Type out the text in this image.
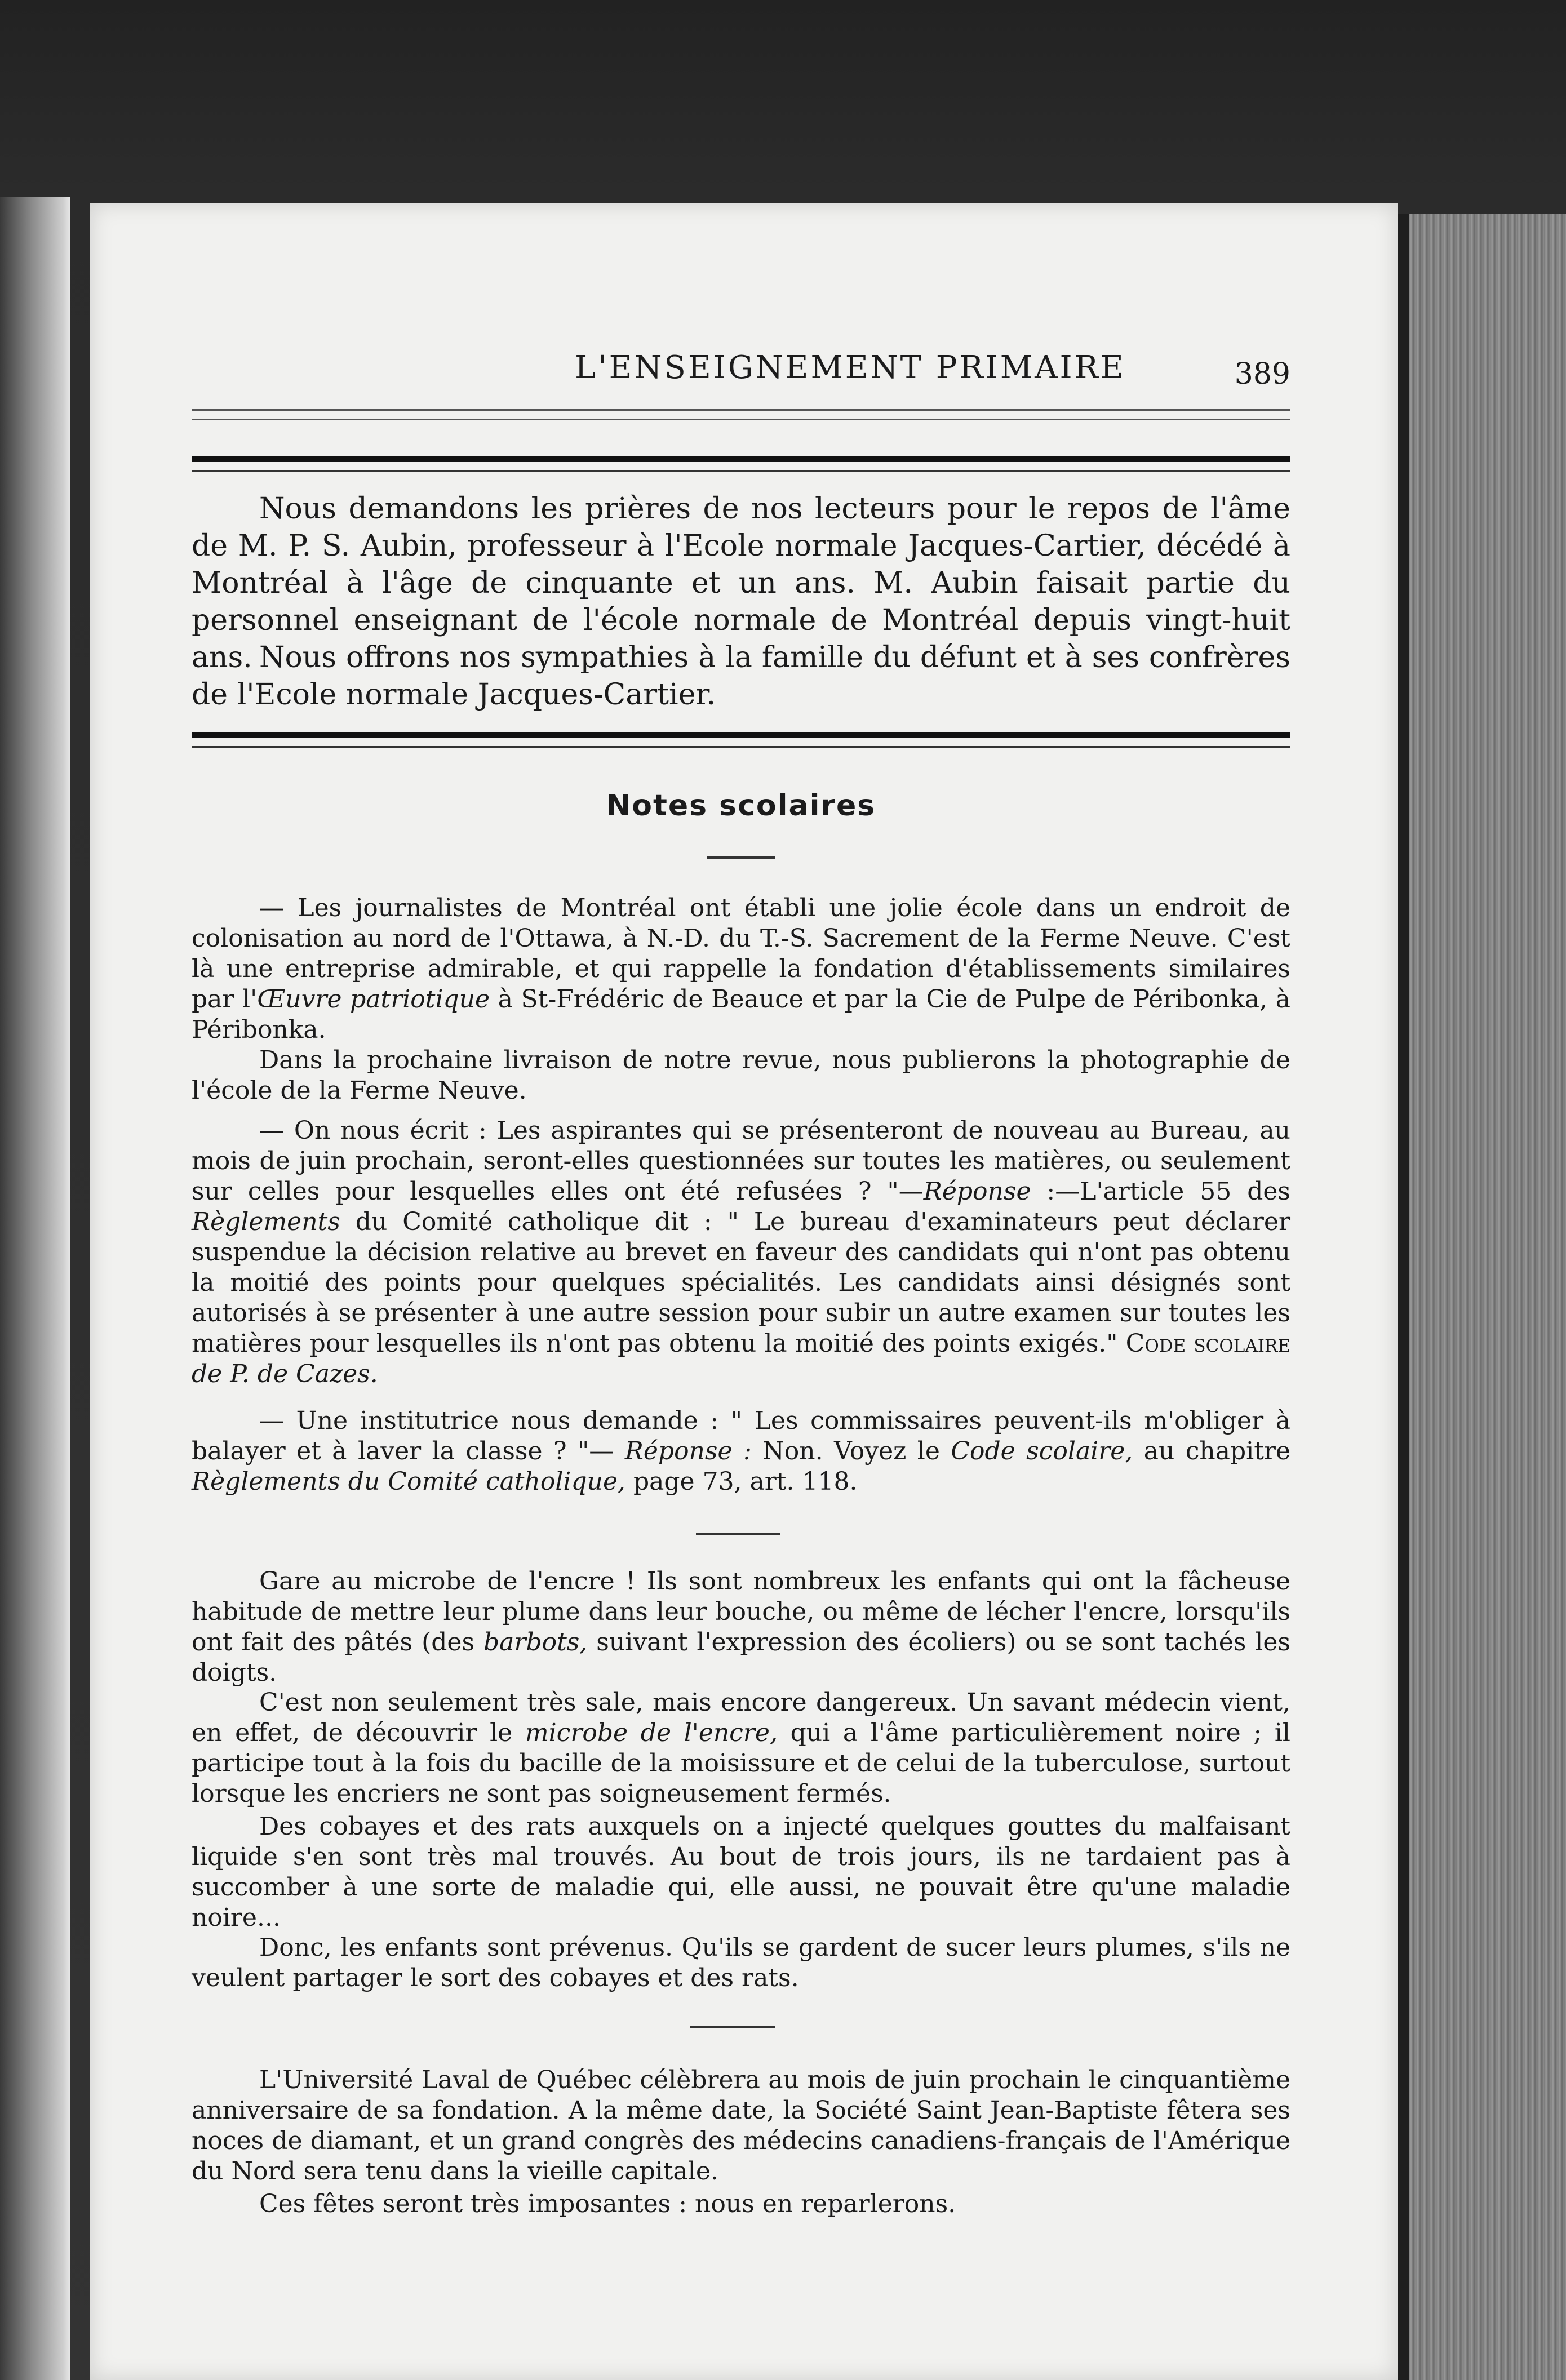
L'ENSEIGNEMENT PRIMAIRE	389

Nous demandons les prières de nos lecteurs pour le repos de l'âme de M. P. S. Aubin, professeur à l'Ecole normale Jacques-Cartier, décédé à Montréal à l'âge de cinquante et un ans. M. Aubin faisait partie du personnel enseignant de l'école normale de Montréal depuis vingt-huit ans. Nous offrons nos sympathies à la famille du défunt et à ses confrères de l'Ecole normale Jacques-Cartier.

Notes scolaires

— Les journalistes de Montréal ont établi une jolie école dans un endroit de colonisation au nord de l'Ottawa, à N.-D. du T.-S. Sacrement de la Ferme Neuve. C'est là une entreprise admirable, et qui rappelle la fondation d'établissements similaires par l'Œuvre patriotique à St-Frédéric de Beauce et par la Cie de Pulpe de Péribonka, à Péribonka.

Dans la prochaine livraison de notre revue, nous publierons la photographie de l'école de la Ferme Neuve.

— On nous écrit : Les aspirantes qui se présenteront de nouveau au Bureau, au mois de juin prochain, seront-elles questionnées sur toutes les matières, ou seulement sur celles pour lesquelles elles ont été refusées ? "—Réponse :—L'article 55 des Règlements du Comité catholique dit : " Le bureau d'examinateurs peut déclarer suspendue la décision relative au brevet en faveur des candidats qui n'ont pas obtenu la moitié des points pour quelques spécialités. Les candidats ainsi désignés sont autorisés à se présenter à une autre session pour subir un autre examen sur toutes les matières pour lesquelles ils n'ont pas obtenu la moitié des points exigés." Code scolaire de P. de Cazes.

— Une institutrice nous demande : " Les commissaires peuvent-ils m'obliger à balayer et à laver la classe ? "— Réponse : Non. Voyez le Code scolaire, au chapitre Règlements du Comité catholique, page 73, art. 118.

Gare au microbe de l'encre ! Ils sont nombreux les enfants qui ont la fâcheuse habitude de mettre leur plume dans leur bouche, ou même de lécher l'encre, lorsqu'ils ont fait des pâtés (des barbots, suivant l'expression des écoliers) ou se sont tachés les doigts.

C'est non seulement très sale, mais encore dangereux. Un savant médecin vient, en effet, de découvrir le microbe de l'encre, qui a l'âme particulièrement noire ; il participe tout à la fois du bacille de la moisissure et de celui de la tuberculose, surtout lorsque les encriers ne sont pas soigneusement fermés.

Des cobayes et des rats auxquels on a injecté quelques gouttes du malfaisant liquide s'en sont très mal trouvés. Au bout de trois jours, ils ne tardaient pas à succomber à une sorte de maladie qui, elle aussi, ne pouvait être qu'une maladie noire...

Donc, les enfants sont prévenus. Qu'ils se gardent de sucer leurs plumes, s'ils ne veulent partager le sort des cobayes et des rats.

L'Université Laval de Québec célèbrera au mois de juin prochain le cinquantième anniversaire de sa fondation. A la même date, la Société Saint Jean-Baptiste fêtera ses noces de diamant, et un grand congrès des médecins canadiens-français de l'Amérique du Nord sera tenu dans la vieille capitale.

Ces fêtes seront très imposantes : nous en reparlerons.
